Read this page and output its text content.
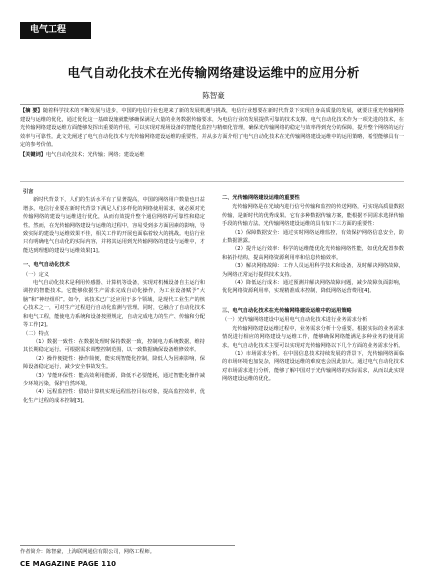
电气工程
电气自动化技术在光传输网络建设运维中的应用分析
陈智豪
【摘 要】随着科学技术的不断发展与进步，中国的电信行业也迎来了新的发展机遇与挑战，电信行业想要在新时代背景下实现自身高质量的发展，就要注重光传输网络建设与运维的优化，通过优化这一基础设施就能够确保满足大量的业务数据传输要求，为电信行业的发展提供可靠的技术支撑。电气自动化技术作为一项先进的技术，在光传输网络建设运维方面能够发挥出重要的作用，可以实现对现场设备的智能化监控与精细化管理，确保光传输网络的稳定与效率得到充分的保障，提升整个网络的运行效率与可靠性。此文先阐述了电气自动化技术与光传输网络建设运维的重要性，并从多方面介绍了电气自动化技术在光传输网络建设运维中的运用策略，希望能够具有一定的参考价值。
【关键词】电气自动化技术；光传输；网络；建设运维

引言

新时代背景下，人们的生活水平有了显著提高，中国的网络用户数量也日益增多。电信行业要在新时代背景下满足人们多样化的网络使用需求，就必须对光传输网络的建设与运维进行优化，从而有效提升整个通信网络的可靠性和稳定性。然而，在光传输网络建设与运维的过程中，容易受到多方面因素的影响，导致实际的建设与运维效果不佳，相关工作的开展也面临着较大的挑战。电信行业只有明确电气自动化的实际内容，并将其运用到光传输网络的建设与运维中，才能达到理想的建设与运维效果[1]。

一、电气自动化技术

（一）定义

电气自动化技术是利用传感器、计算机等设备，实现对机械设备自主运行和调控的智能技术。它能够依据生产需求完成自动化操作，为工业设备赋予“大脑”和“神经组织”。如今，该技术已广泛应用于多个领域，是现代工业生产的核心技术之一，可对生产过程进行自动化监测与管理。同时，它融合了自动化技术和电气工程，能使电力系统和设备按照规定，自动完成电力的生产、传输和分配等工作[2]。

（二）特点

（1）数据一致性：在数据处理时保持数据一致，控制电力系统数据，维持其长期稳定运行。可根据需求调整控制范围，以一致数据确保设备维修效率。

（2）操作便捷性：操作简便，能实现智能化控制，降低人为因素影响，保障设备稳定运行，减少安全事故发生。

（3）节能环保性：能高效利用能源，降低不必要能耗，通过智能化操作减少环境污染，保护自然环境。

（4）远程监控性：借助计算机实现远程监控目标对象，提高监控效率，优化生产过程的成本控制[3]。

二、光传输网络建设运维的重要性

光传输网络是在光域内进行信号传输和监控的传送网络，可实现高质量数据传输，是新时代的优秀成果。它有多种数据传输方案，能根据不同需求选择传输手段的传输方法。光传输网络建设运维的具有如下三方面的重要性：

（1）保障数据安全：通过实时网络运维监控，有效保护网络信息安全，防止数据泄露。

（2）提升运行效率：科学的运维能优化光传输网络性能，如优化配置参数和拓扑结构，提高网络资源利用率和信息传输效率。

（3）解决网络故障：工作人员运用科学技术和设备，及时解决网络故障，为网络正常运行提供技术支持。

（4）降低运行成本：通过预测并解决网络故障问题，减少故障负面影响，优化网络资源利用率，实现精准成本控制，降低网络运营费用[4]。

三、电气自动化技术在光传输网络建设运维中的运用策略

（一）光传输网络建设中运用电气自动化技术进行业务需求分析

光传输网络建设运维过程中，业务需求分析十分重要。根据实际的业务需求情况进行相应的网络建设与运维工作，能够确保网络能满足多种业务的使用需求。电气自动化技术主要可以实现对光传输网络以下几个方面的业务需求分析。

（1）市场需求分析。在中国信息技术持续发展的背景下，光传输网络面临的市场环境也加复杂，网络建设运维的难度也会因此加大。通过电气自动化技术对市场需求进行分析，能够了解中国对于光传输网络的实际需求，从而以此实现网络建设运维的优化。

作者简介：陈智豪，上海联网通信有限公司，网络工程师。
CE MAGAZINE PAGE 110
